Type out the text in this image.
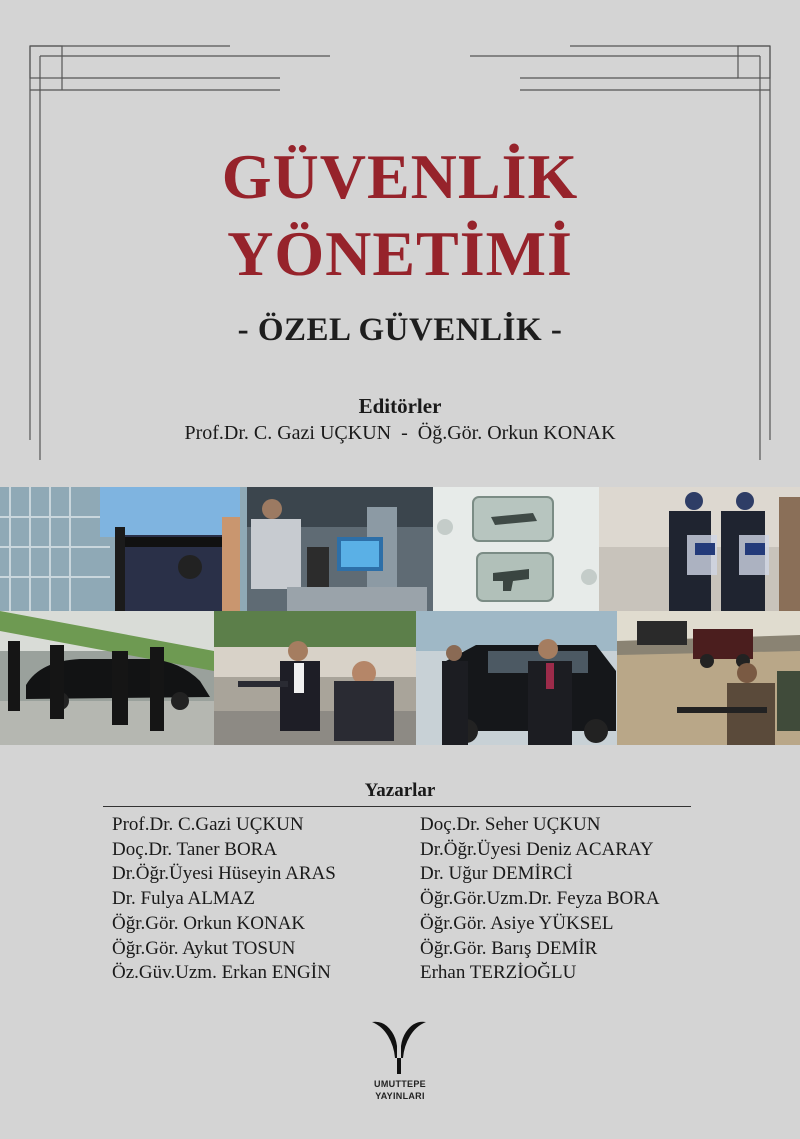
GÜVENLİK
YÖNETİMİ
- ÖZEL GÜVENLİK -
Editörler
Prof.Dr. C. Gazi UÇKUN  -  Öğ.Gör. Orkun KONAK
Yazarlar
Prof.Dr. C.Gazi UÇKUN
Doç.Dr. Taner BORA
Dr.Öğr.Üyesi Hüseyin ARAS
Dr. Fulya ALMAZ
Öğr.Gör. Orkun KONAK
Öğr.Gör. Aykut TOSUN
Öz.Güv.Uzm. Erkan ENGİN
Doç.Dr. Seher UÇKUN
Dr.Öğr.Üyesi Deniz ACARAY
Dr. Uğur DEMİRCİ
Öğr.Gör.Uzm.Dr. Feyza BORA
Öğr.Gör. Asiye YÜKSEL
Öğr.Gör. Barış DEMİR
Erhan TERZİOĞLU
UMUTTEPE
YAYINLARI
